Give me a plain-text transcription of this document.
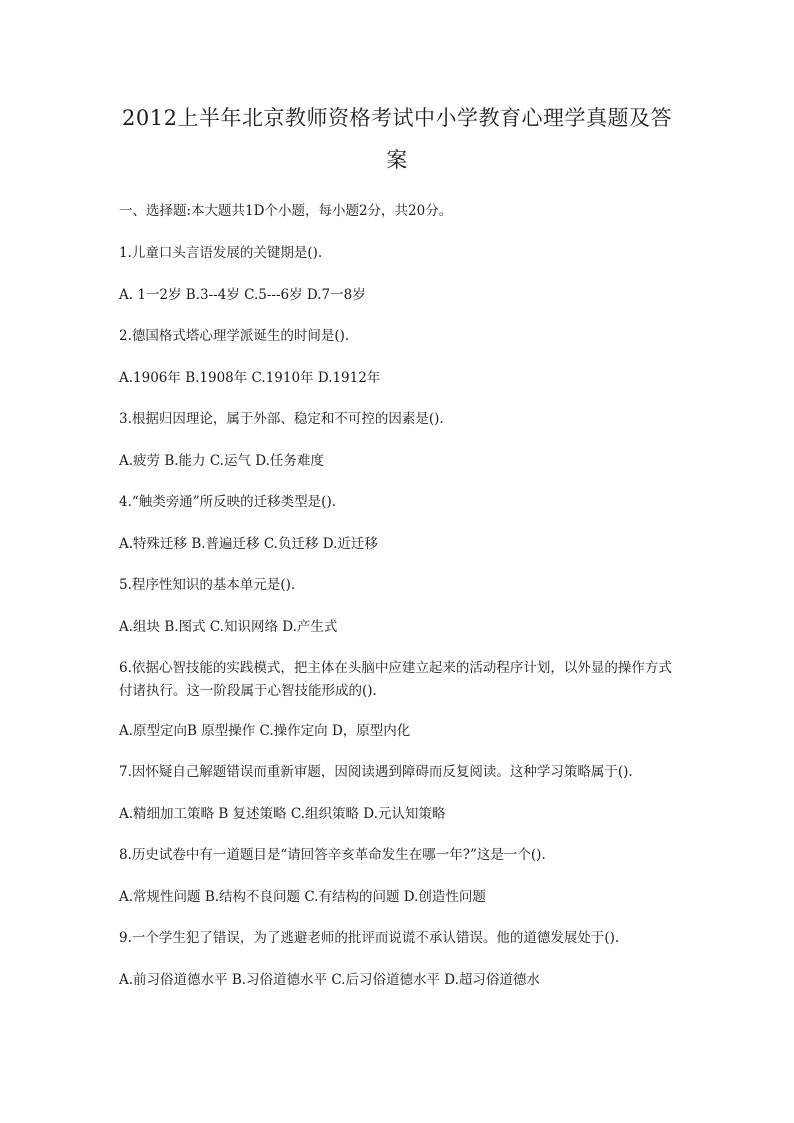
2012上半年北京教师资格考试中小学教育心理学真题及答
案

一、选择题:本大题共1D个小题，每小题2分，共20分。

1.儿童口头言语发展的关键期是().

A. 1一2岁 B.3--4岁 C.5---6岁 D.7一8岁

2.德国格式塔心理学派诞生的时间是().

A.1906年 B.1908年 C.1910年 D.1912年

3.根据归因理论，属于外部、稳定和不可控的因素是().

A.疲劳 B.能力 C.运气 D.任务难度

4.“触类旁通”所反映的迁移类型是().

A.特殊迁移 B.普遍迁移 C.负迁移 D.近迁移

5.程序性知识的基本单元是().

A.组块 B.图式 C.知识网络 D.产生式

6.依据心智技能的实践模式，把主体在头脑中应建立起来的活动程序计划，以外显的操作方式付诸执行。这一阶段属于心智技能形成的().

A.原型定向B 原型操作 C.操作定向 D，原型内化

7.因怀疑自己解题错误而重新审题，因阅读遇到障碍而反复阅读。这种学习策略属于().

A.精细加工策略 B 复述策略 C.组织策略 D.元认知策略

8.历史试卷中有一道题目是“请回答辛亥革命发生在哪一年?”这是一个().

A.常规性问题 B.结构不良问题 C.有结构的问题 D.创造性问题

9.一个学生犯了错误，为了逃避老师的批评而说谎不承认错误。他的道德发展处于().

A.前习俗道德水平 B.习俗道德水平 C.后习俗道德水平 D.超习俗道德水
